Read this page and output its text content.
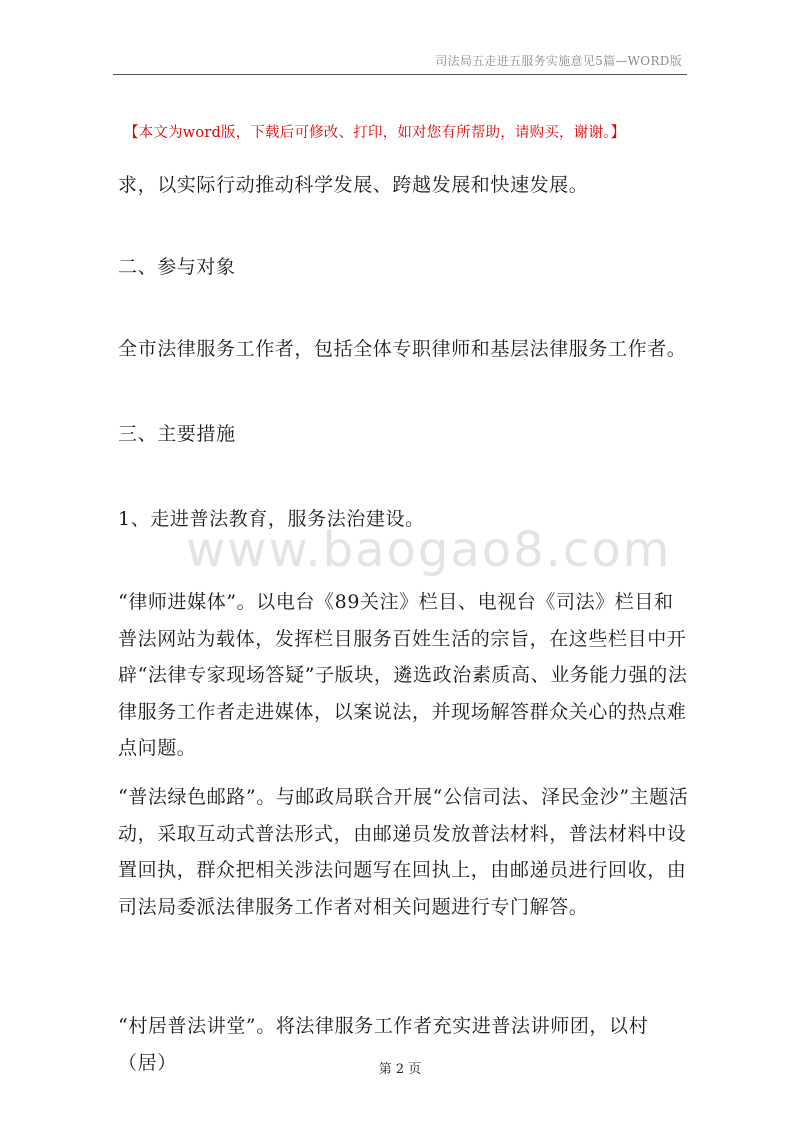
司法局五走进五服务实施意见5篇—WORD版
【本文为word版，下载后可修改、打印，如对您有所帮助，请购买，谢谢。】
www.baogao8.com

求，以实际行动推动科学发展、跨越发展和快速发展。

二、参与对象

全市法律服务工作者，包括全体专职律师和基层法律服务工作者。

三、主要措施

1、走进普法教育，服务法治建设。

“律师进媒体”。以电台《89关注》栏目、电视台《司法》栏目和普法网站为载体，发挥栏目服务百姓生活的宗旨，在这些栏目中开辟“法律专家现场答疑”子版块，遴选政治素质高、业务能力强的法律服务工作者走进媒体，以案说法，并现场解答群众关心的热点难点问题。

“普法绿色邮路”。与邮政局联合开展“公信司法、泽民金沙”主题活动，采取互动式普法形式，由邮递员发放普法材料，普法材料中设置回执，群众把相关涉法问题写在回执上，由邮递员进行回收，由司法局委派法律服务工作者对相关问题进行专门解答。

“村居普法讲堂”。将法律服务工作者充实进普法讲师团，以村（居）	第 2 页
